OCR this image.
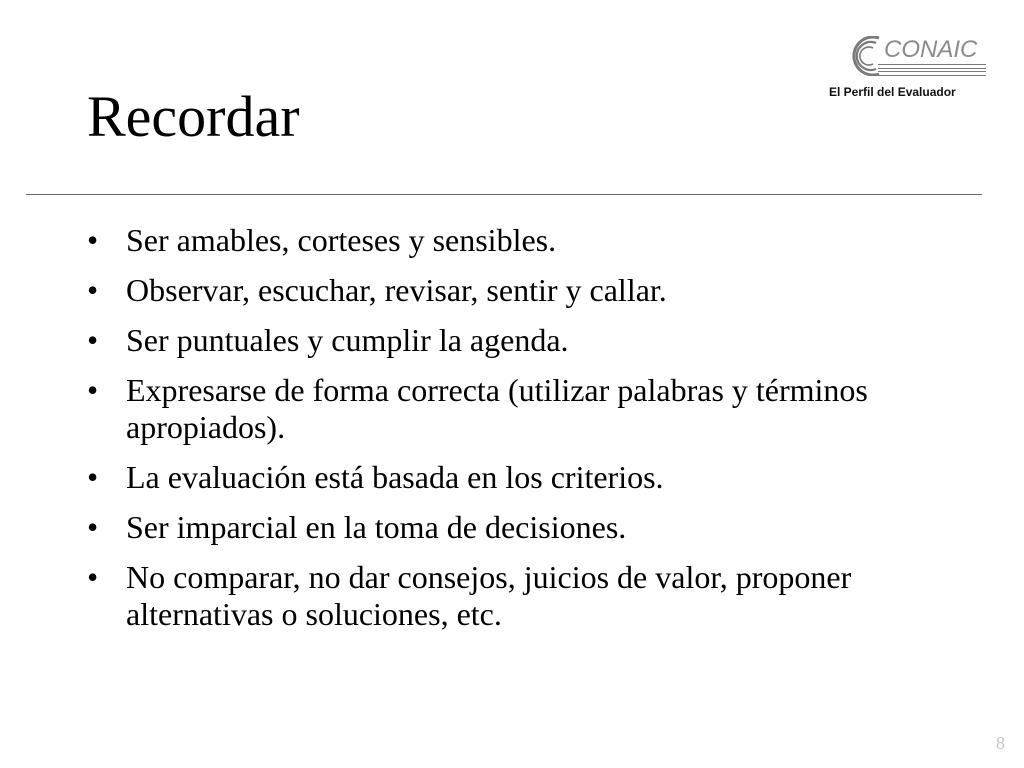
Recordar
CONAIC
El Perfil del Evaluador
• Ser amables, corteses y sensibles.
• Observar, escuchar, revisar, sentir y callar.
• Ser puntuales y cumplir la agenda.
• Expresarse de forma correcta (utilizar palabras y términos apropiados).
• La evaluación está basada en los criterios.
• Ser imparcial en la toma de decisiones.
• No comparar, no dar consejos, juicios de valor, proponer alternativas o soluciones, etc.
8
